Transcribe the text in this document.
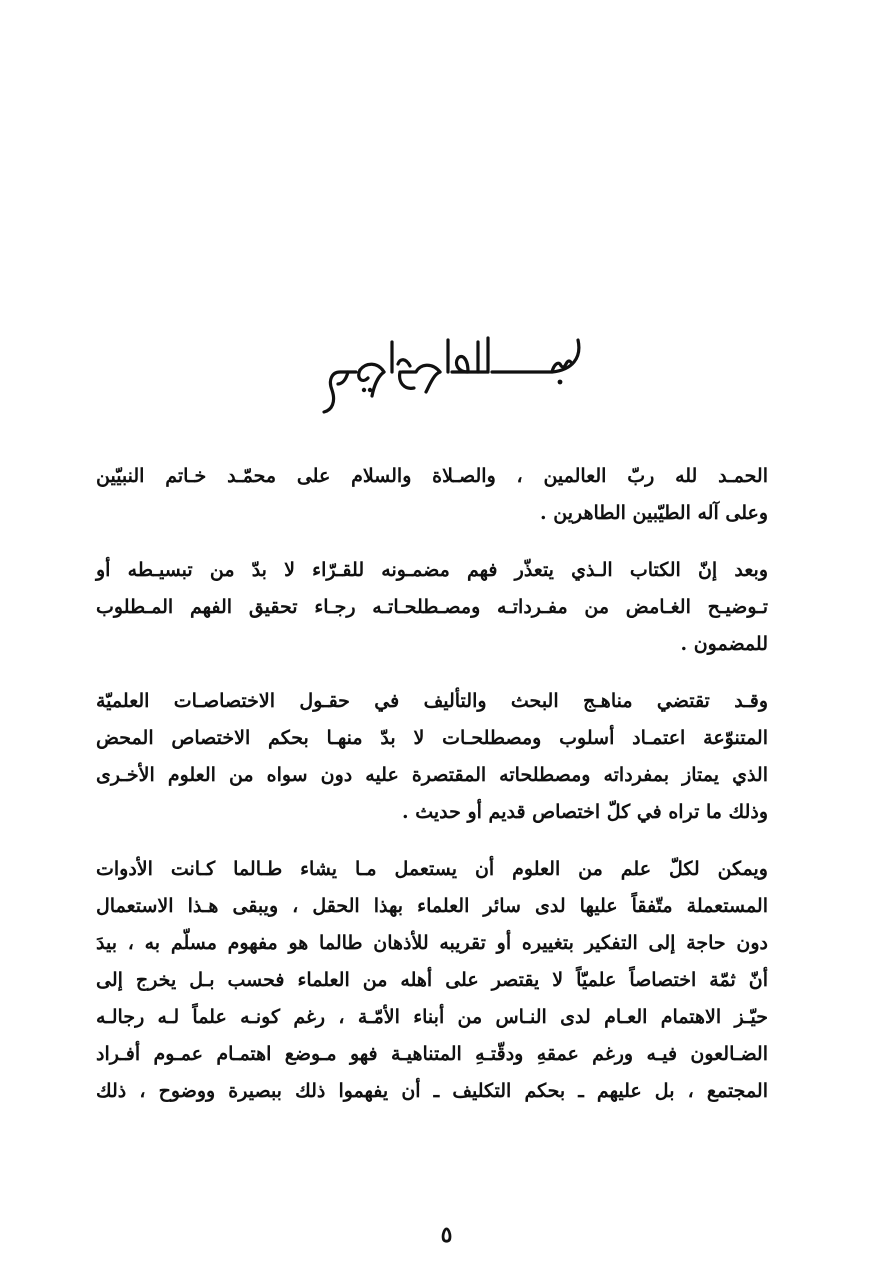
الحمـد لله ربّ العالمين ، والصـلاة والسلام على محمّـد خـاتم النبيّين
وعلى آله الطيّبين الطاهرين .

وبعد إنّ الكتاب الـذي يتعذّر فهم مضمـونه للقـرّاء لا بدّ من تبسيـطه أو
تـوضيـح الغـامض من مفـرداتـه ومصـطلحـاتـه رجـاء تحقيق الفهم المـطلوب
للمضمون .

وقـد تقتضي مناهـج البحث والتأليف في حقـول الاختصاصـات العلميّة
المتنوّعة اعتمـاد أسلوب ومصطلحـات لا بدّ منهـا بحكم الاختصاص المحض
الذي يمتاز بمفرداته ومصطلحاته المقتصرة عليه دون سواه من العلوم الأخـرى
وذلك ما تراه في كلّ اختصاص قديم أو حديث .

ويمكن لكلّ علم من العلوم أن يستعمل مـا يشاء طـالما كـانت الأدوات
المستعملة متّفقاً عليها لدى سائر العلماء بهذا الحقل ، ويبقى هـذا الاستعمال
دون حاجة إلى التفكير بتغييره أو تقريبه للأذهان طالما هو مفهوم مسلّم به ، بيدَ
أنّ ثمّة اختصاصاً علميّاً لا يقتصر على أهله من العلماء فحسب بـل يخرج إلى
حيّـز الاهتمام العـام لدى النـاس من أبناء الأمّـة ، رغم كونـه علماً لـه رجالـه
الضـالعون فيـه ورغم عمقهِ ودقّتـهِ المتناهيـة فهو مـوضع اهتمـام عمـوم أفـراد
المجتمع ، بل عليهم ـ بحكم التكليف ـ أن يفهموا ذلك ببصيرة ووضوح ، ذلك

٥
